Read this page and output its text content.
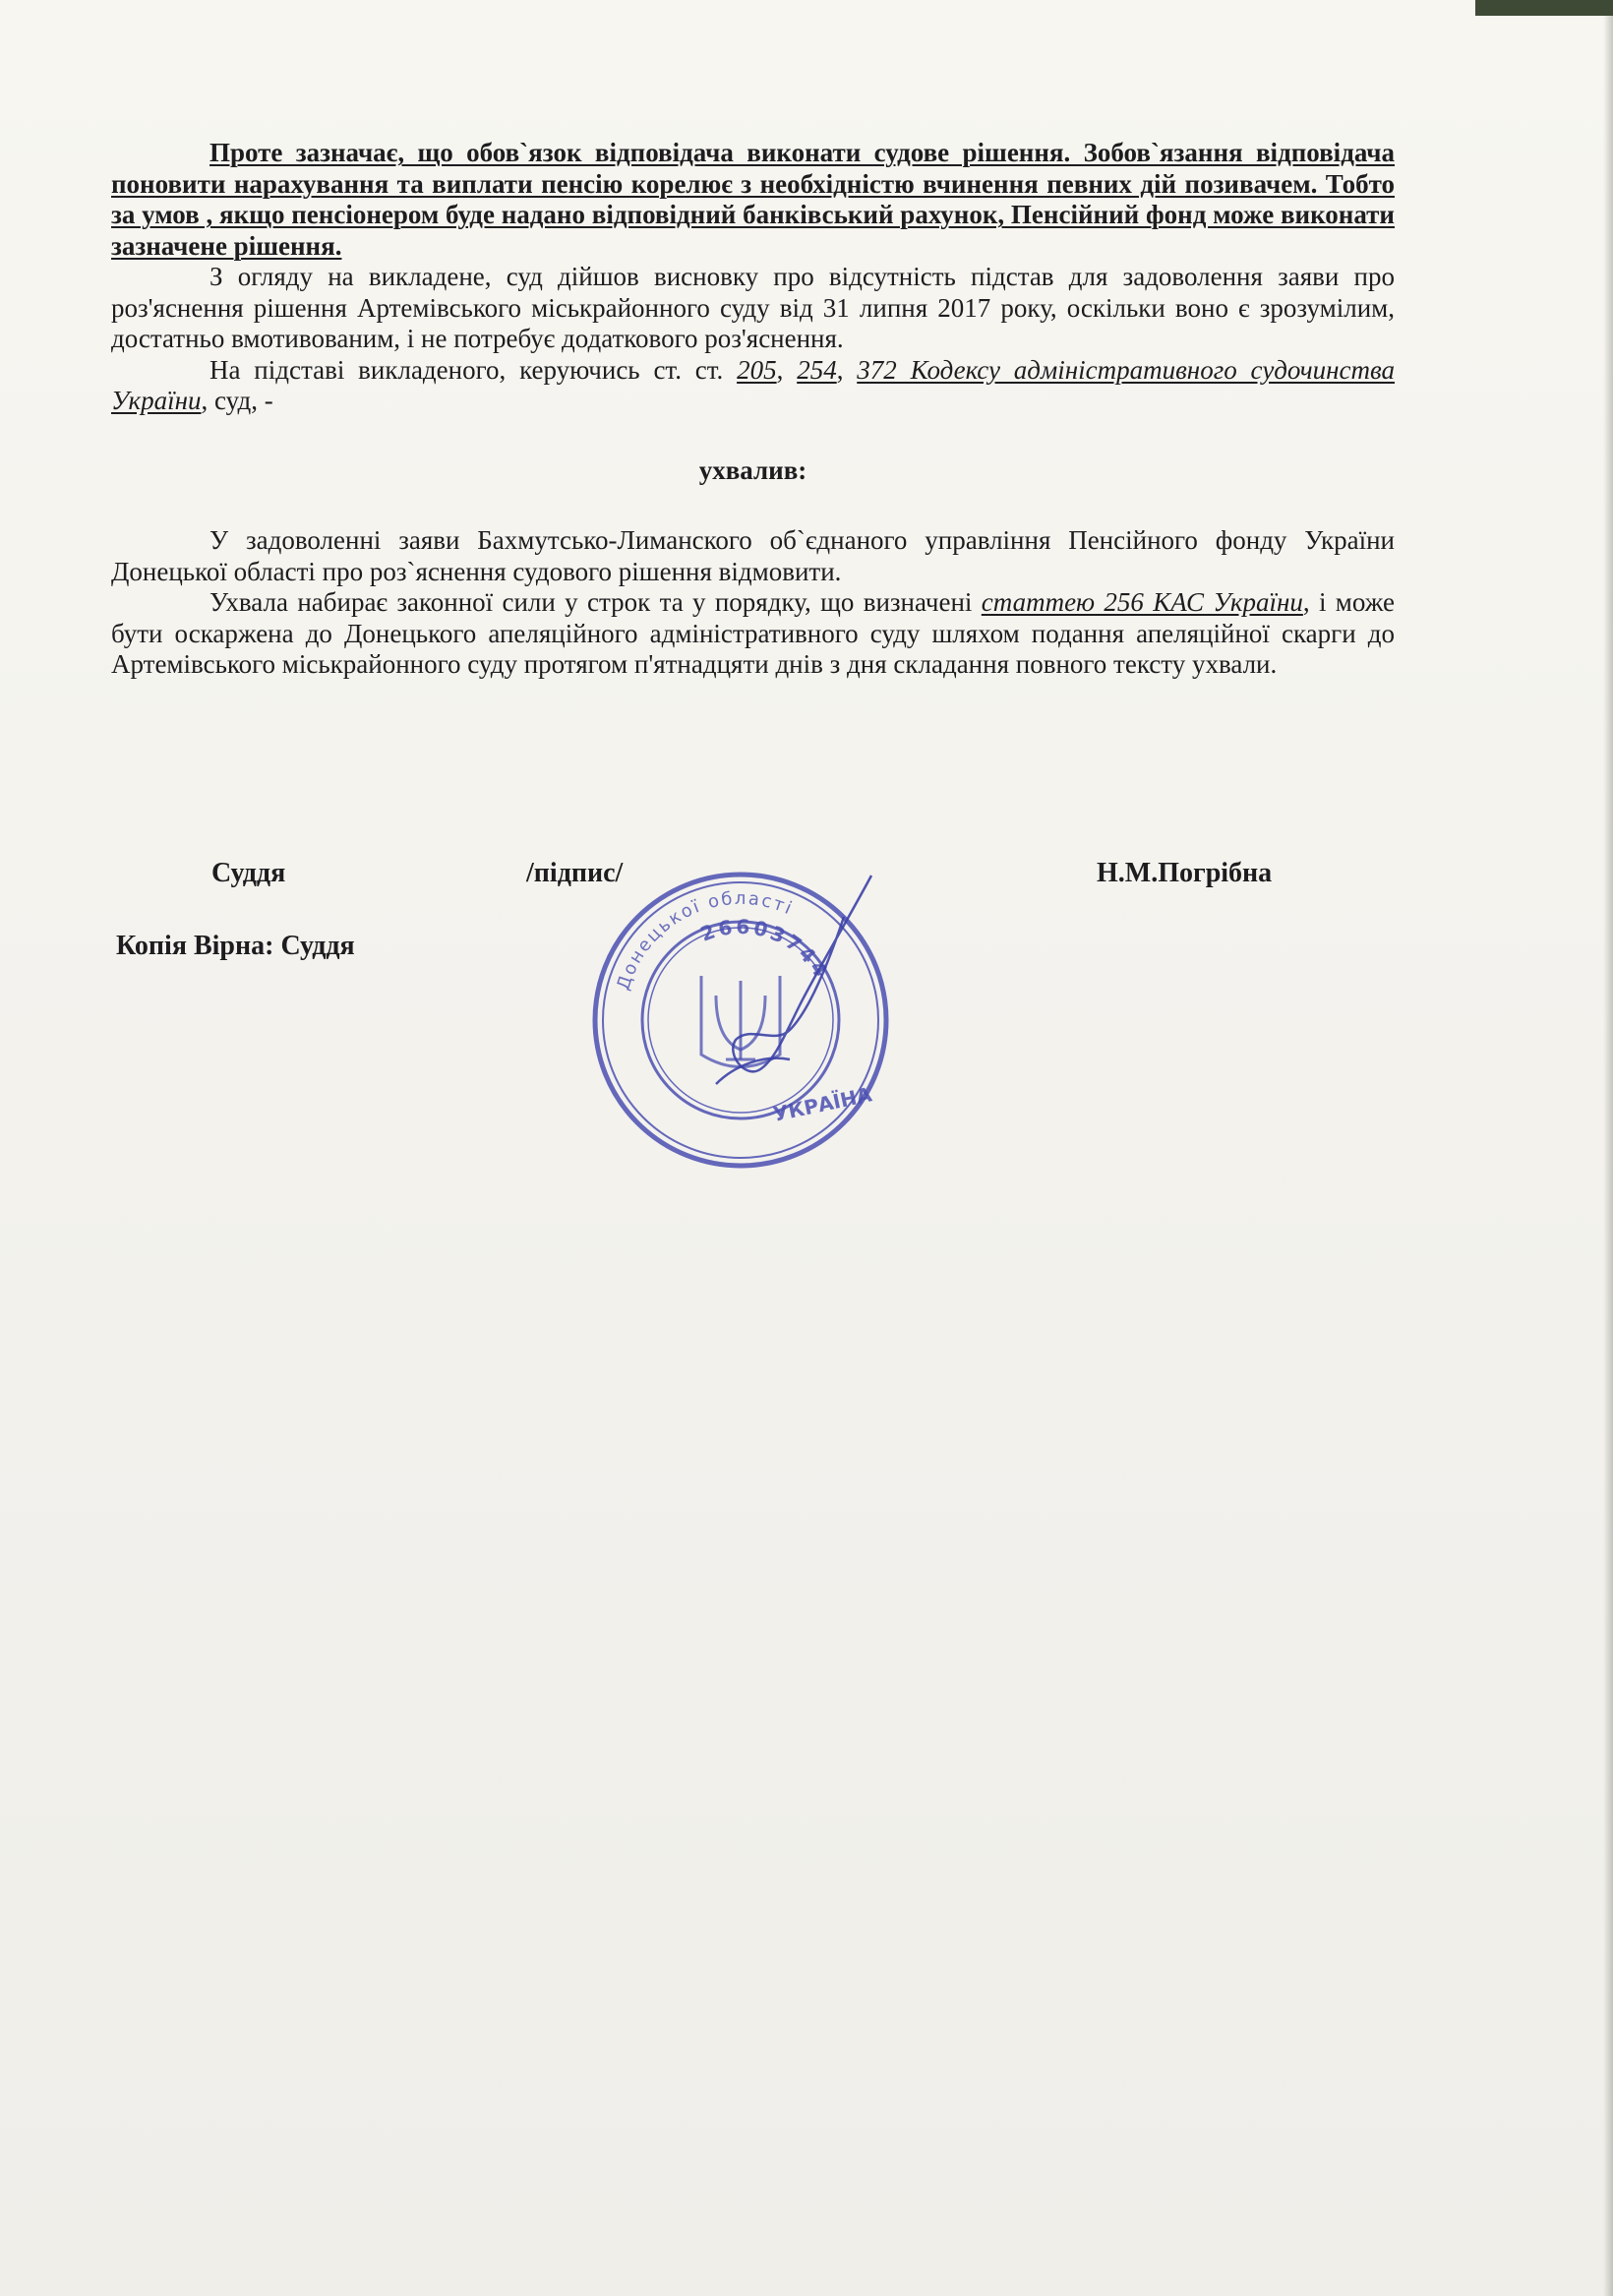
Проте зазначає, що обов`язок відповідача виконати судове рішення. Зобов`язання відповідача поновити нарахування та виплати пенсію корелює з необхідністю вчинення певних дій позивачем. Тобто за умов , якщо пенсіонером буде надано відповідний банківський рахунок, Пенсійний фонд може виконати зазначене рішення.

З огляду на викладене, суд дійшов висновку про відсутність підстав для задоволення заяви про роз'яснення рішення Артемівського міськрайонного суду від 31 липня 2017 року, оскільки воно є зрозумілим, достатньо вмотивованим, і не потребує додаткового роз'яснення.

На підставі викладеного, керуючись ст. ст. 205, 254, 372 Кодексу адміністративного судочинства України, суд, -

ухвалив:

У задоволенні заяви Бахмутсько-Лиманского об`єднаного управління Пенсійного фонду України Донецької області про роз`яснення судового рішення відмовити.

Ухвала набирає законної сили у строк та у порядку, що визначені статтею 256 КАС України, і може бути оскаржена до Донецького апеляційного адміністративного суду шляхом подання апеляційної скарги до Артемівського міськрайонного суду протягом п'ятнадцяти днів з дня складання повного тексту ухвали.

Суддя	/підпис/	Н.М.Погрібна
Копія Вірна: Суддя
Донецької області
26603744
УКРАЇНА
